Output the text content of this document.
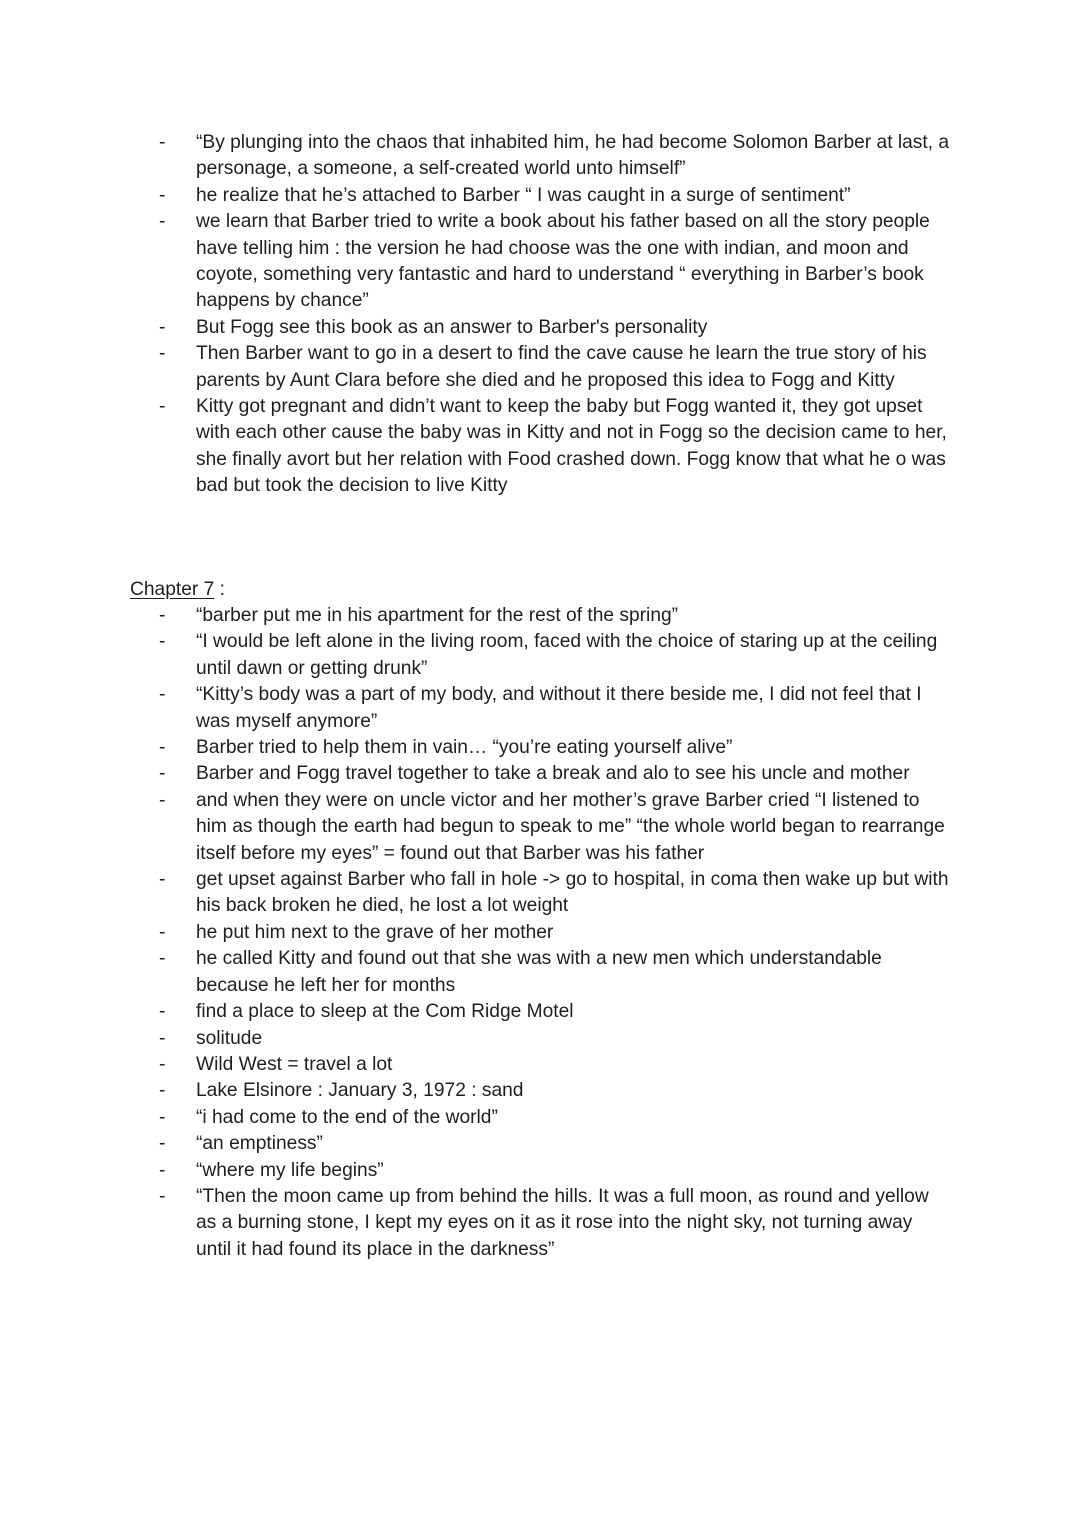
- “By plunging into the chaos that inhabited him, he had become Solomon Barber at last, a personage, a someone, a self-created world unto himself”
- he realize that he’s attached to Barber “ I was caught in a surge of sentiment”
- we learn that Barber tried to write a book about his father based on all the story people have telling him : the version he had choose was the one with indian, and moon and coyote, something very fantastic and hard to understand “ everything in Barber’s book happens by chance”
- But Fogg see this book as an answer to Barber's personality
- Then Barber want to go in a desert to find the cave cause he learn the true story of his parents by Aunt Clara before she died and he proposed this idea to Fogg and Kitty
- Kitty got pregnant and didn’t want to keep the baby but Fogg wanted it, they got upset with each other cause the baby was in Kitty and not in Fogg so the decision came to her, she finally avort but her relation with Food crashed down. Fogg know that what he o was bad but took the decision to live Kitty
Chapter 7 :
- “barber put me in his apartment for the rest of the spring”
- “I would be left alone in the living room, faced with the choice of staring up at the ceiling until dawn or getting drunk”
- “Kitty’s body was a part of my body, and without it there beside me, I did not feel that I was myself anymore”
- Barber tried to help them in vain… “you’re eating yourself alive”
- Barber and Fogg travel together to take a break and alo to see his uncle and mother
- and when they were on uncle victor and her mother’s grave Barber cried “I listened to him as though the earth had begun to speak to me” “the whole world began to rearrange itself before my eyes” = found out that Barber was his father
- get upset against Barber who fall in hole -> go to hospital, in coma then wake up but with his back broken he died, he lost a lot weight
- he put him next to the grave of her mother
- he called Kitty and found out that she was with a new men which understandable because he left her for months
- find a place to sleep at the Com Ridge Motel
- solitude
- Wild West = travel a lot
- Lake Elsinore : January 3, 1972 : sand
- “i had come to the end of the world”
- “an emptiness”
- “where my life begins”
- “Then the moon came up from behind the hills. It was a full moon, as round and yellow as a burning stone, I kept my eyes on it as it rose into the night sky, not turning away until it had found its place in the darkness”
